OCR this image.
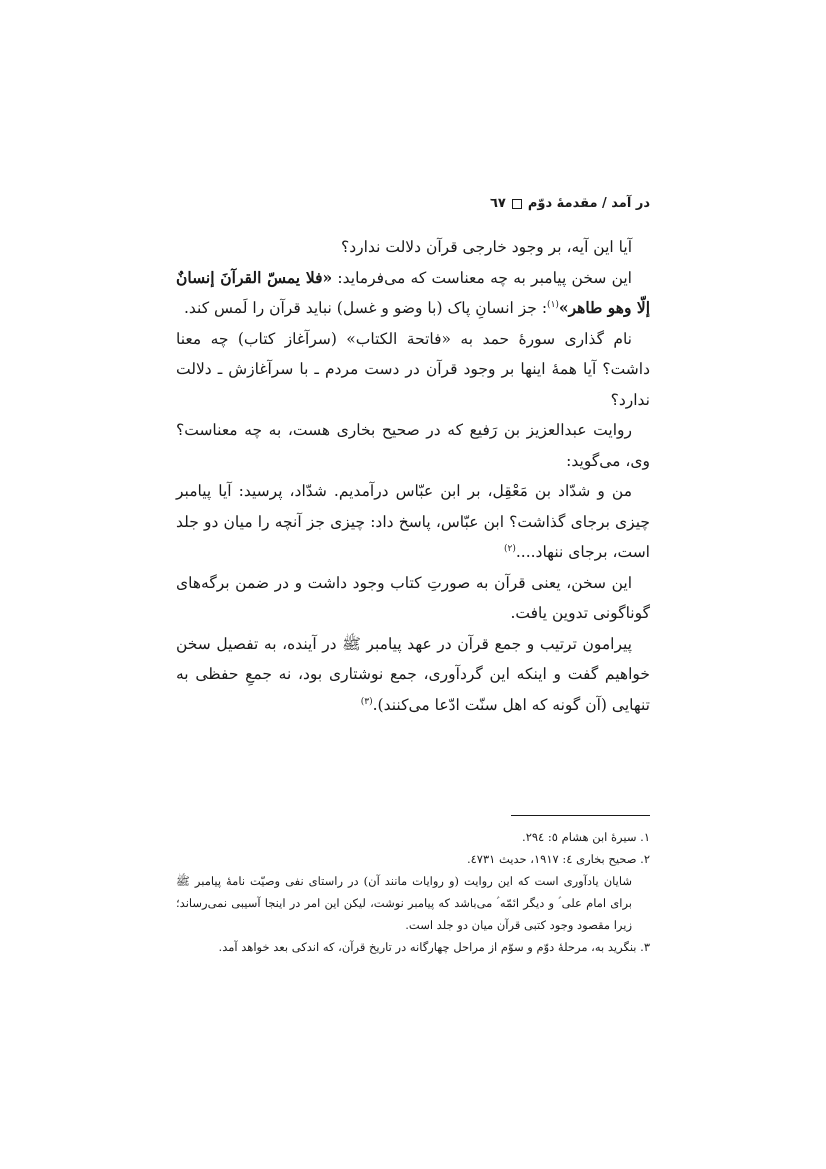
در آمد / مقدمۀ دوّم
٦٧

آیا این آیه، بر وجود خارجی قرآن دلالت ندارد؟

این سخن پیامبر به چه معناست که می‌فرماید: «فلا یمسّ القرآنَ إنسانٌ إلّا وهو طاهر»$^{(۱)}$: جز انسانِ پاک (با وضو و غسل) نباید قرآن را لَمس کند.

نام گذاری سورهٔ حمد به «فاتحة الکتاب» (سرآغاز کتاب) چه معنا داشت؟ آیا همهٔ اینها بر وجود قرآن در دست مردم ـ با سرآغازش ـ دلالت ندارد؟

روایت عبدالعزیز بن رَفیع که در صحیح بخاری هست، به چه معناست؟ وی، می‌گوید:

من و شدّاد بن مَعْقِل، بر ابن عبّاس درآمدیم. شدّاد، پرسید: آیا پیامبر چیزی برجای گذاشت؟ ابن عبّاس، پاسخ داد: چیزی جز آنچه را میان دو جلد است، برجای ننهاد....$^{(۲)}$

این سخن، یعنی قرآن به صورتِ کتاب وجود داشت و در ضمن برگه‌های گوناگونی تدوین یافت.

پیرامون ترتیب و جمع قرآن در عهد پیامبر ﷺ در آینده، به تفصیل سخن خواهیم گفت و اینکه این گردآوری، جمع نوشتاری بود، نه جمعِ حفظی به تنهایی (آن گونه که اهل سنّت ادّعا می‌کنند).$^{(۳)}$

۱. سیرهٔ ابن هشام ٥: ٢٩٤.

۲. صحیح بخاری ٤: ١٩١٧، حدیث ٤٧٣١.

شایان یادآوری است که این روایت (و روایات مانند آن) در راستای نفی وصیّت نامهٔ پیامبر ﷺ برای امام علی ؑ و دیگر ائمّه ؑ می‌باشد که پیامبر نوشت، لیکن این امر در اینجا آسیبی نمی‌رساند؛ زیرا مقصود وجود کتبی قرآن میان دو جلد است.

۳. بنگرید به، مرحلهٔ دوّم و سوّم از مراحل چهارگانه در تاریخ قرآن، که اندکی بعد خواهد آمد.
